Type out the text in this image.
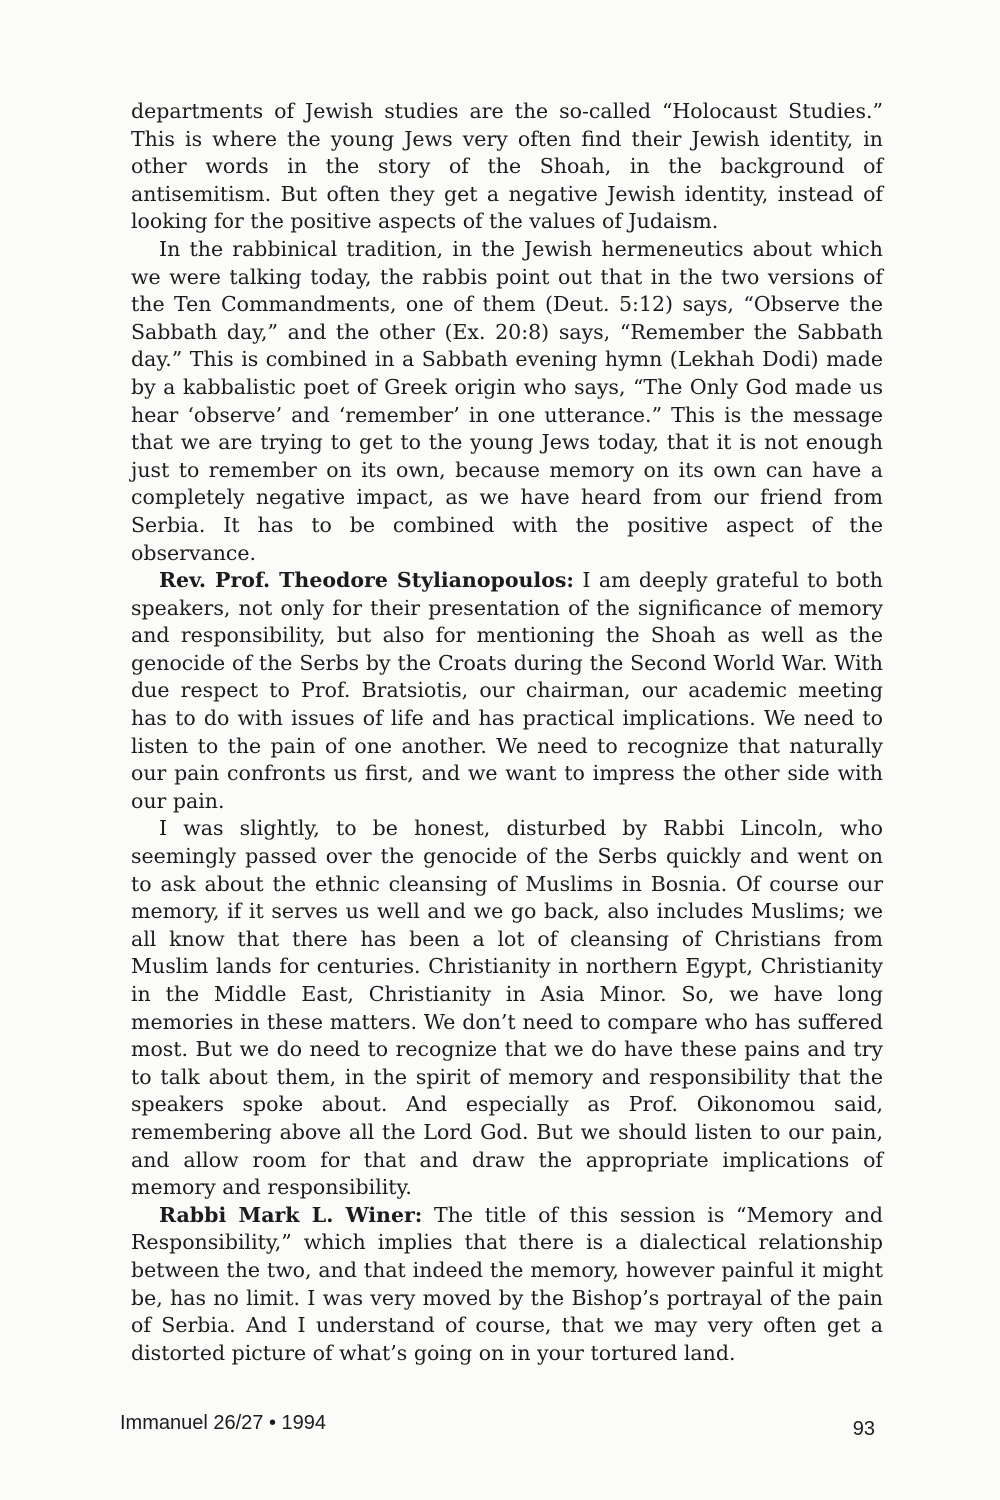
departments of Jewish studies are the so-called “Holocaust Studies.” This is where the young Jews very often find their Jewish identity, in other words in the story of the Shoah, in the background of antisemitism. But often they get a negative Jewish identity, instead of looking for the positive aspects of the values of Judaism.

In the rabbinical tradition, in the Jewish hermeneutics about which we were talking today, the rabbis point out that in the two versions of the Ten Commandments, one of them (Deut. 5:12) says, “Observe the Sabbath day,” and the other (Ex. 20:8) says, “Remember the Sabbath day.” This is combined in a Sabbath evening hymn (Lekhah Dodi) made by a kabbalistic poet of Greek origin who says, “The Only God made us hear ‘observe’ and ‘remember’ in one utterance.” This is the message that we are trying to get to the young Jews today, that it is not enough just to remember on its own, because memory on its own can have a completely negative impact, as we have heard from our friend from Serbia. It has to be combined with the positive aspect of the observance.

Rev. Prof. Theodore Stylianopoulos: I am deeply grateful to both speakers, not only for their presentation of the significance of memory and responsibility, but also for mentioning the Shoah as well as the genocide of the Serbs by the Croats during the Second World War. With due respect to Prof. Bratsiotis, our chairman, our academic meeting has to do with issues of life and has practical implications. We need to listen to the pain of one another. We need to recognize that naturally our pain confronts us first, and we want to impress the other side with our pain.

I was slightly, to be honest, disturbed by Rabbi Lincoln, who seemingly passed over the genocide of the Serbs quickly and went on to ask about the ethnic cleansing of Muslims in Bosnia. Of course our memory, if it serves us well and we go back, also includes Muslims; we all know that there has been a lot of cleansing of Christians from Muslim lands for centuries. Christianity in northern Egypt, Christianity in the Middle East, Christianity in Asia Minor. So, we have long memories in these matters. We don’t need to compare who has suffered most. But we do need to recognize that we do have these pains and try to talk about them, in the spirit of memory and responsibility that the speakers spoke about. And especially as Prof. Oikonomou said, remembering above all the Lord God. But we should listen to our pain, and allow room for that and draw the appropriate implications of memory and responsibility.

Rabbi Mark L. Winer: The title of this session is “Memory and Responsibility,” which implies that there is a dialectical relationship between the two, and that indeed the memory, however painful it might be, has no limit. I was very moved by the Bishop’s portrayal of the pain of Serbia. And I understand of course, that we may very often get a distorted picture of what’s going on in your tortured land.

Immanuel 26/27 • 1994	93
